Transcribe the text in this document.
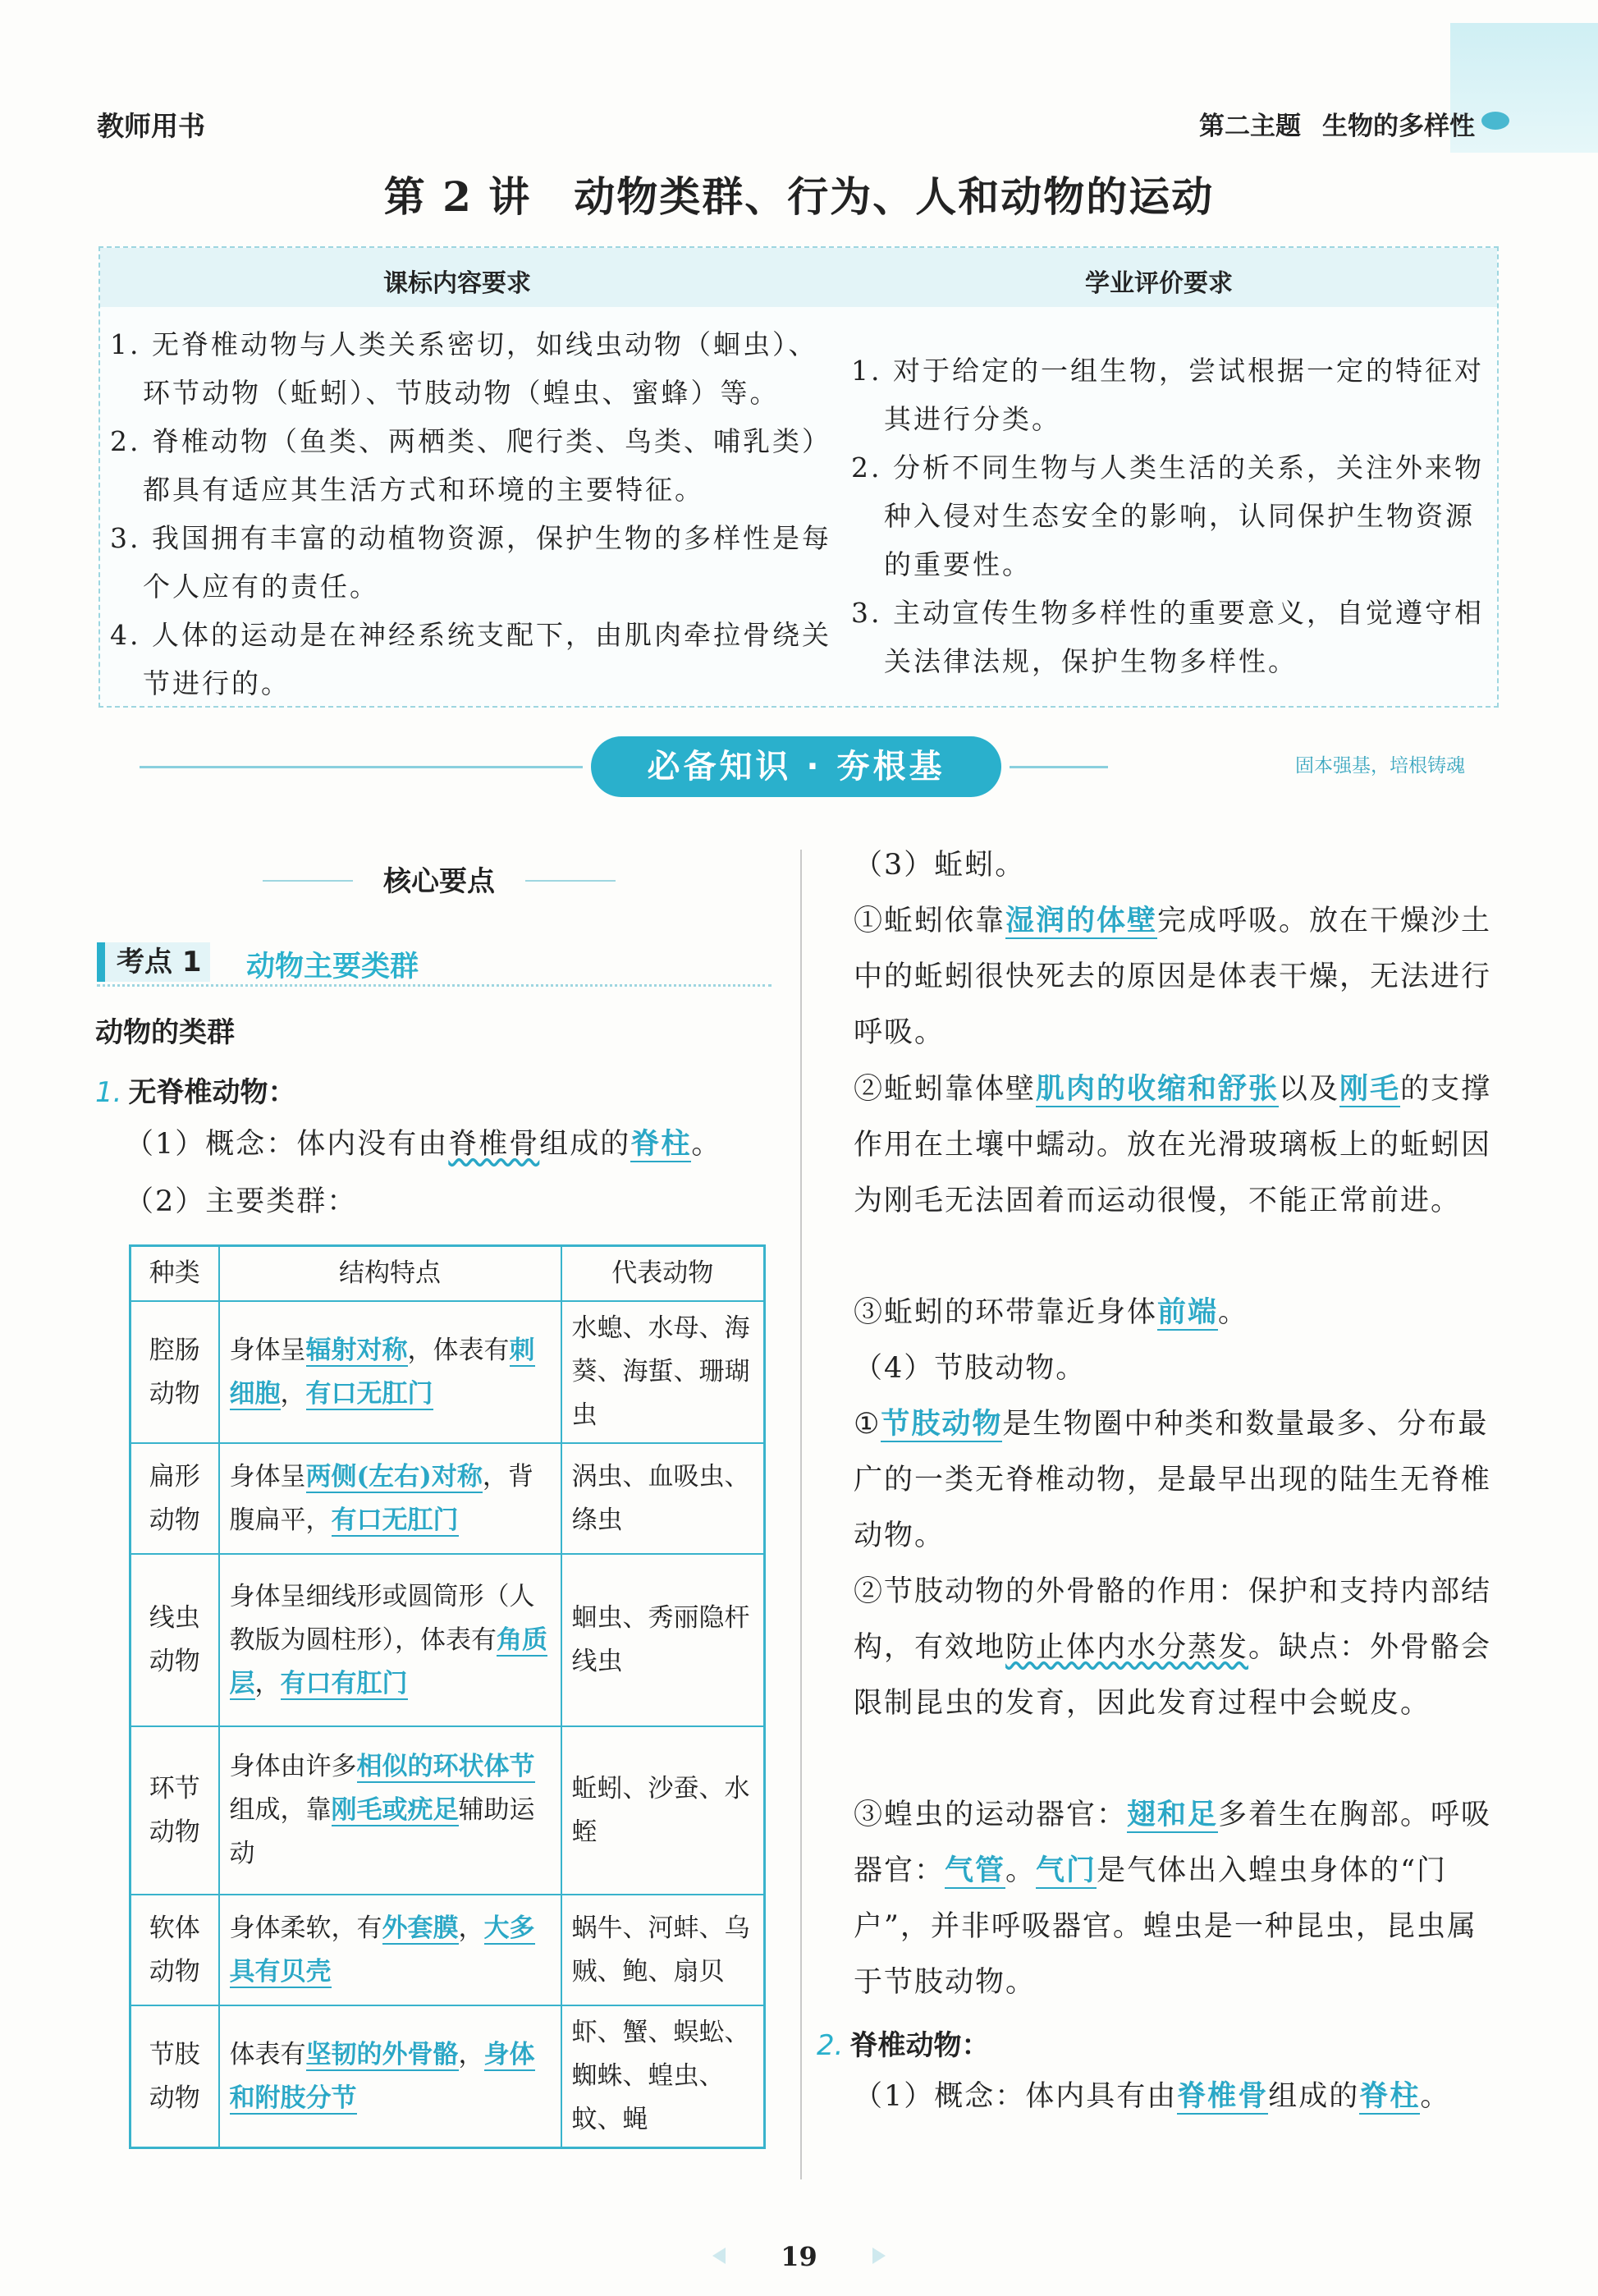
教师用书	第二主题 生物的多样性
第 2 讲　动物类群、行为、人和动物的运动
课标内容要求	学业评价要求

1. 无脊椎动物与人类关系密切，如线虫动物（蛔虫）、环节动物（蚯蚓）、节肢动物（蝗虫、蜜蜂）等。

2. 脊椎动物（鱼类、两栖类、爬行类、鸟类、哺乳类）都具有适应其生活方式和环境的主要特征。

3. 我国拥有丰富的动植物资源，保护生物的多样性是每个人应有的责任。

4. 人体的运动是在神经系统支配下，由肌肉牵拉骨绕关节进行的。

1. 对于给定的一组生物，尝试根据一定的特征对其进行分类。

2. 分析不同生物与人类生活的关系，关注外来物种入侵对生态安全的影响，认同保护生物资源的重要性。

3. 主动宣传生物多样性的重要意义，自觉遵守相关法律法规，保护生物多样性。

必备知识 · 夯根基	固本强基，培根铸魂
核心要点
考点 1	动物主要类群
动物的类群
1. 无脊椎动物：
（1）概念：体内没有由脊椎骨组成的脊柱。
（2）主要类群：
种类	结构特点	代表动物
腔肠动物	身体呈辐射对称，体表有刺细胞，有口无肛门	水螅、水母、海葵、海蜇、珊瑚虫
扁形动物	身体呈两侧(左右)对称，背腹扁平，有口无肛门	涡虫、血吸虫、绦虫
线虫动物	身体呈细线形或圆筒形（人教版为圆柱形），体表有角质层，有口有肛门	蛔虫、秀丽隐杆线虫
环节动物	身体由许多相似的环状体节组成，靠刚毛或疣足辅助运动	蚯蚓、沙蚕、水蛭
软体动物	身体柔软，有外套膜，大多具有贝壳	蜗牛、河蚌、乌贼、鲍、扇贝
节肢动物	体表有坚韧的外骨骼，身体和附肢分节	虾、蟹、蜈蚣、蜘蛛、蝗虫、蚊、蝇
（3）蚯蚓。
①蚯蚓依靠湿润的体壁完成呼吸。放在干燥沙土中的蚯蚓很快死去的原因是体表干燥，无法进行呼吸。
②蚯蚓靠体壁肌肉的收缩和舒张以及刚毛的支撑作用在土壤中蠕动。放在光滑玻璃板上的蚯蚓因为刚毛无法固着而运动很慢，不能正常前进。
③蚯蚓的环带靠近身体前端。
（4）节肢动物。
①节肢动物是生物圈中种类和数量最多、分布最广的一类无脊椎动物，是最早出现的陆生无脊椎动物。
②节肢动物的外骨骼的作用：保护和支持内部结构，有效地防止体内水分蒸发。缺点：外骨骼会限制昆虫的发育，因此发育过程中会蜕皮。
③蝗虫的运动器官：翅和足多着生在胸部。呼吸器官：气管。气门是气体出入蝗虫身体的“门户”，并非呼吸器官。蝗虫是一种昆虫，昆虫属于节肢动物。
2. 脊椎动物：
（1）概念：体内具有由脊椎骨组成的脊柱。
19
